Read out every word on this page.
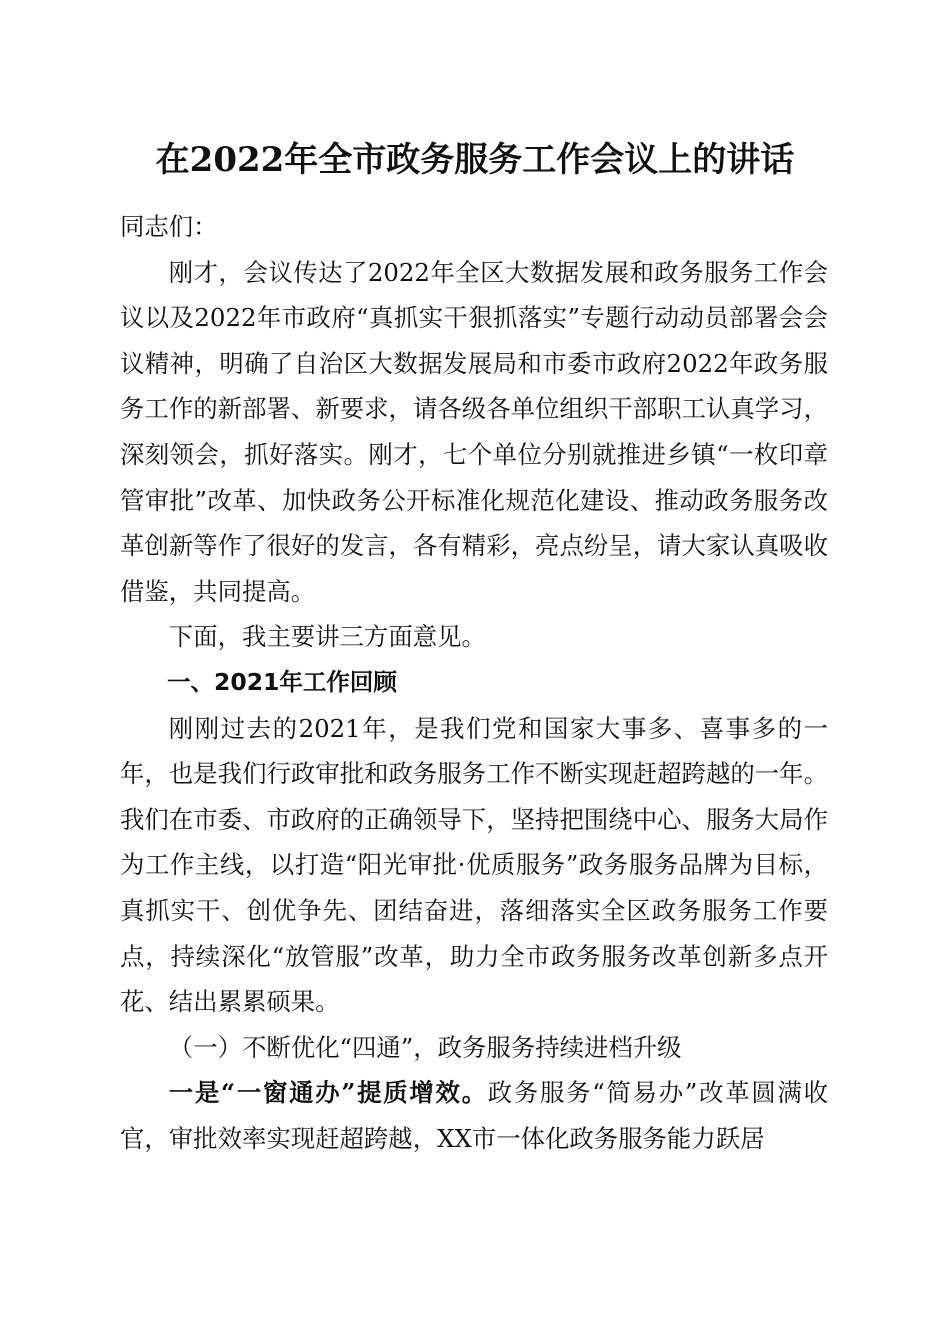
在2022年全市政务服务工作会议上的讲话

同志们：

刚才，会议传达了2022年全区大数据发展和政务服务工作会议以及2022年市政府“真抓实干狠抓落实”专题行动动员部署会会议精神，明确了自治区大数据发展局和市委市政府2022年政务服务工作的新部署、新要求，请各级各单位组织干部职工认真学习，深刻领会，抓好落实。刚才，七个单位分别就推进乡镇“一枚印章管审批”改革、加快政务公开标准化规范化建设、推动政务服务改革创新等作了很好的发言，各有精彩，亮点纷呈，请大家认真吸收借鉴，共同提高。

下面，我主要讲三方面意见。

一、2021年工作回顾

刚刚过去的2021年，是我们党和国家大事多、喜事多的一年，也是我们行政审批和政务服务工作不断实现赶超跨越的一年。我们在市委、市政府的正确领导下，坚持把围绕中心、服务大局作为工作主线，以打造“阳光审批·优质服务”政务服务品牌为目标，真抓实干、创优争先、团结奋进，落细落实全区政务服务工作要点，持续深化“放管服”改革，助力全市政务服务改革创新多点开花、结出累累硕果。

（一）不断优化“四通”，政务服务持续进档升级

一是“一窗通办”提质增效。政务服务“简易办”改革圆满收官，审批效率实现赶超跨越，XX市一体化政务服务能力跃居
